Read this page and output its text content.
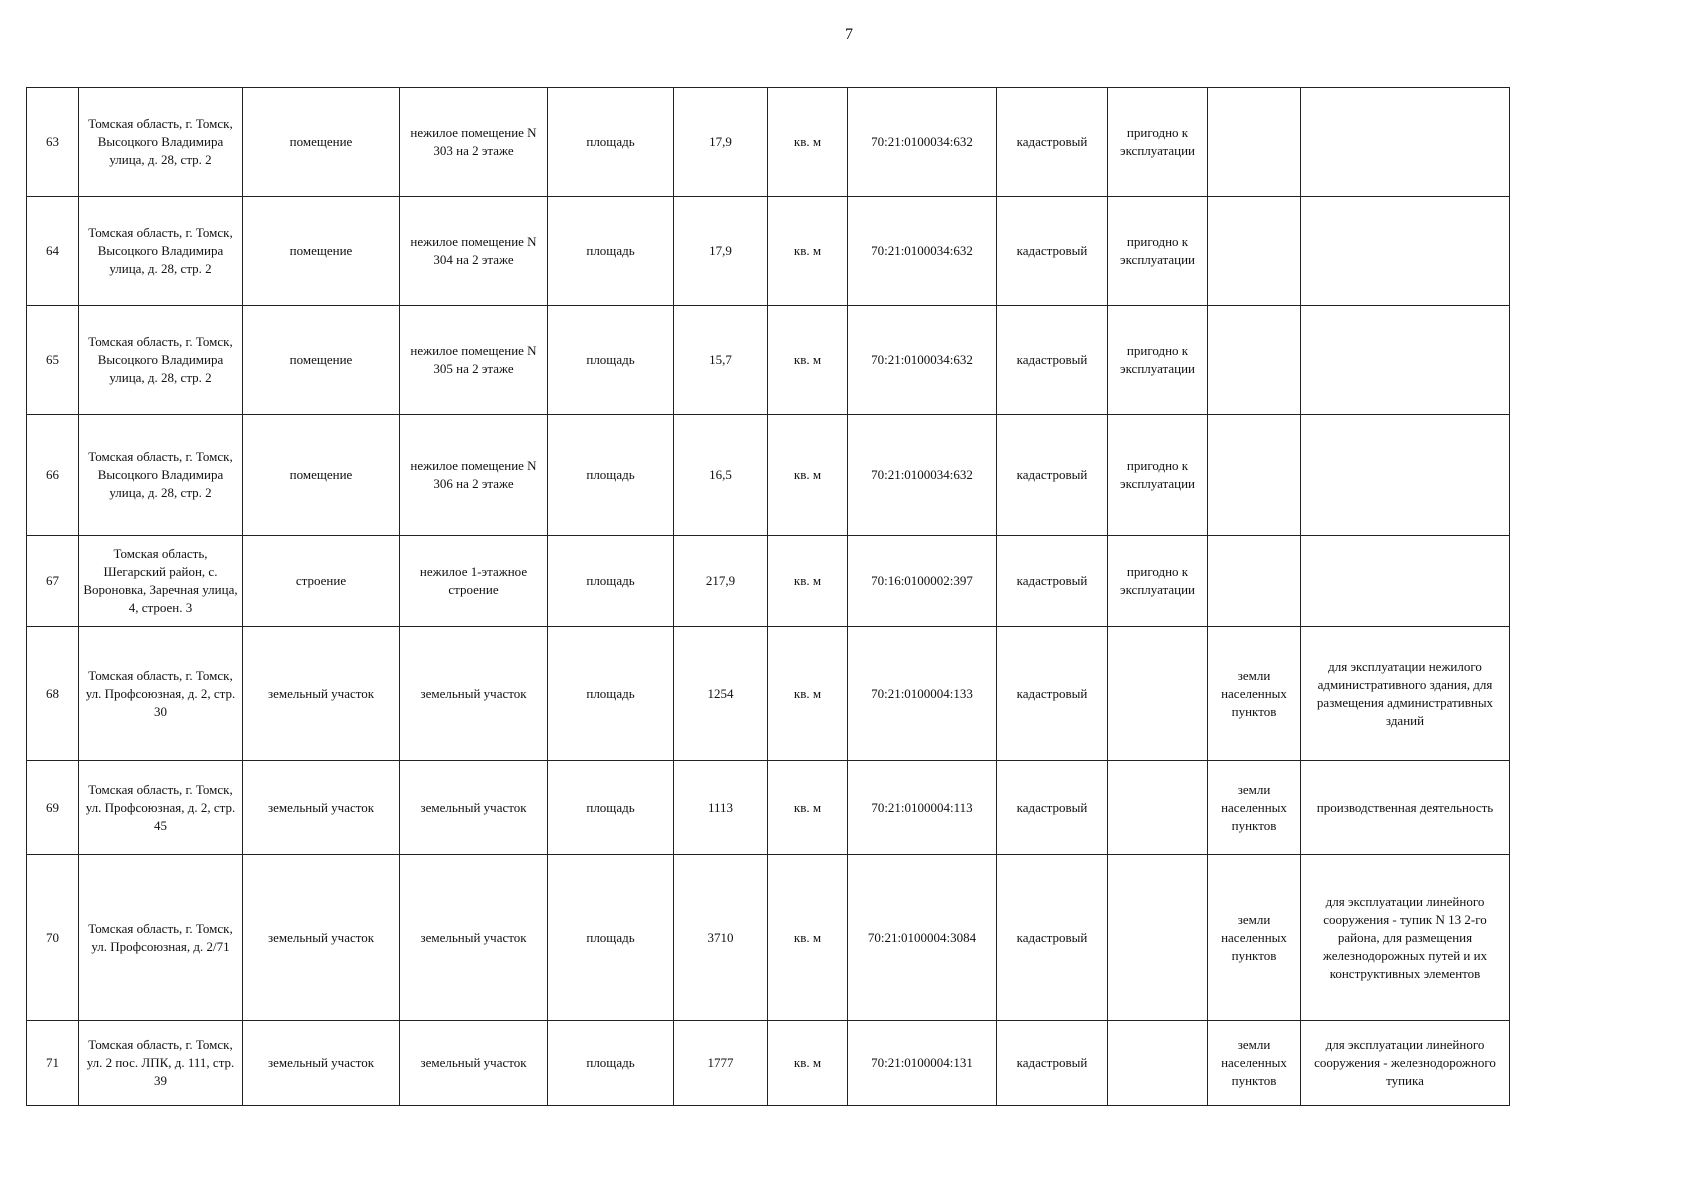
7
63	Томская область, г. Томск, Высоцкого Владимира улица, д. 28, стр. 2	помещение	нежилое помещение N 303 на 2 этаже	площадь	17,9	кв. м	70:21:0100034:632	кадастровый	пригодно к эксплуатации		
64	Томская область, г. Томск, Высоцкого Владимира улица, д. 28, стр. 2	помещение	нежилое помещение N 304 на 2 этаже	площадь	17,9	кв. м	70:21:0100034:632	кадастровый	пригодно к эксплуатации		
65	Томская область, г. Томск, Высоцкого Владимира улица, д. 28, стр. 2	помещение	нежилое помещение N 305 на 2 этаже	площадь	15,7	кв. м	70:21:0100034:632	кадастровый	пригодно к эксплуатации		
66	Томская область, г. Томск, Высоцкого Владимира улица, д. 28, стр. 2	помещение	нежилое помещение N 306 на 2 этаже	площадь	16,5	кв. м	70:21:0100034:632	кадастровый	пригодно к эксплуатации		
67	Томская область, Шегарский район, с. Вороновка, Заречная улица, 4, строен. 3	строение	нежилое 1-этажное строение	площадь	217,9	кв. м	70:16:0100002:397	кадастровый	пригодно к эксплуатации		
68	Томская область, г. Томск, ул. Профсоюзная, д. 2, стр. 30	земельный участок	земельный участок	площадь	1254	кв. м	70:21:0100004:133	кадастровый		земли населенных пунктов	для эксплуатации нежилого административного здания, для размещения административных зданий
69	Томская область, г. Томск, ул. Профсоюзная, д. 2, стр. 45	земельный участок	земельный участок	площадь	1113	кв. м	70:21:0100004:113	кадастровый		земли населенных пунктов	производственная деятельность
70	Томская область, г. Томск, ул. Профсоюзная, д. 2/71	земельный участок	земельный участок	площадь	3710	кв. м	70:21:0100004:3084	кадастровый		земли населенных пунктов	для эксплуатации линейного сооружения - тупик N 13 2-го района, для размещения железнодорожных путей и их конструктивных элементов
71	Томская область, г. Томск, ул. 2 пос. ЛПК, д. 111, стр. 39	земельный участок	земельный участок	площадь	1777	кв. м	70:21:0100004:131	кадастровый		земли населенных пунктов	для эксплуатации линейного сооружения - железнодорожного тупика
